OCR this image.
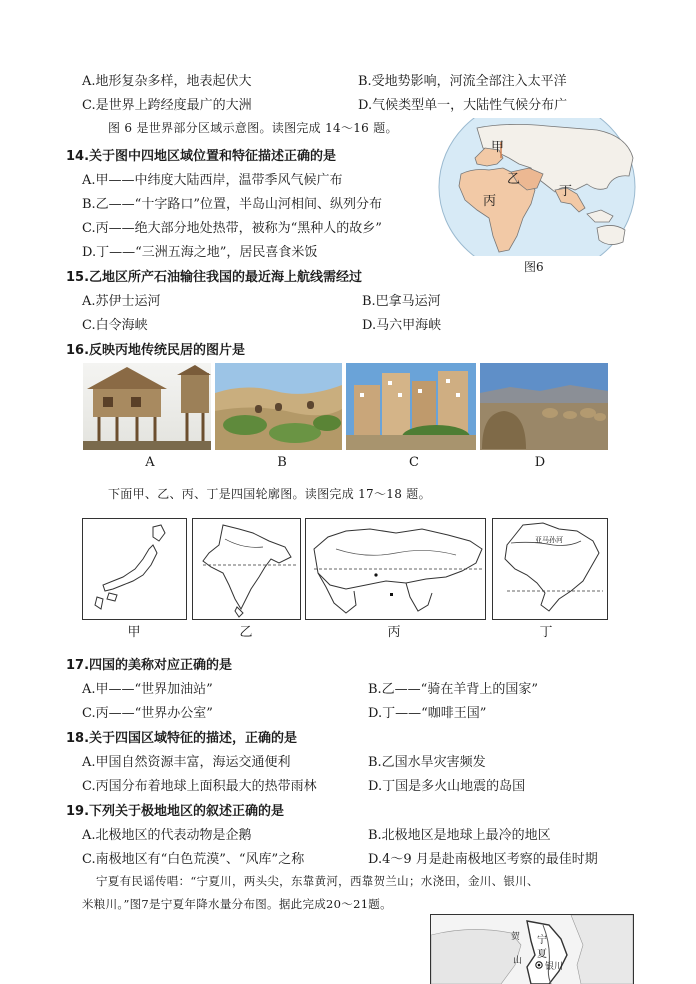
A.地形复杂多样，地表起伏大	B.受地势影响，河流全部注入太平洋
C.是世界上跨经度最广的大洲	D.气候类型单一，大陆性气候分布广
图 6 是世界部分区域示意图。读图完成 14～16 题。
甲
乙
丙
丁
图6
14.关于图中四地区域位置和特征描述正确的是
A.甲——中纬度大陆西岸，温带季风气候广布
B.乙——“十字路口”位置，半岛山河相间、纵列分布
C.丙——绝大部分地处热带，被称为“黑种人的故乡”
D.丁——“三洲五海之地”，居民喜食米饭
15.乙地区所产石油输往我国的最近海上航线需经过
A.苏伊士运河	B.巴拿马运河
C.白令海峡	D.马六甲海峡
16.反映丙地传统民居的图片是
A	B	C	D
下面甲、乙、丙、丁是四国轮廓图。读图完成 17～18 题。
亚马孙河
甲	乙	丙	丁
17.四国的美称对应正确的是
A.甲——“世界加油站”	B.乙——“骑在羊背上的国家”
C.丙——“世界办公室”	D.丁——“咖啡王国”
18.关于四国区域特征的描述，正确的是
A.甲国自然资源丰富，海运交通便利	B.乙国水旱灾害频发
C.丙国分布着地球上面积最大的热带雨林	D.丁国是多火山地震的岛国
19.下列关于极地地区的叙述正确的是
A.北极地区的代表动物是企鹅	B.北极地区是地球上最冷的地区
C.南极地区有“白色荒漠”、“风库”之称	D.4～9 月是赴南极地区考察的最佳时期
宁夏有民谣传唱：“宁夏川，两头尖，东靠黄河，西靠贺兰山；水浇田，金川、银川、
米粮川。”图7是宁夏年降水量分布图。据此完成20～21题。
贺 宁
夏
山
银川
